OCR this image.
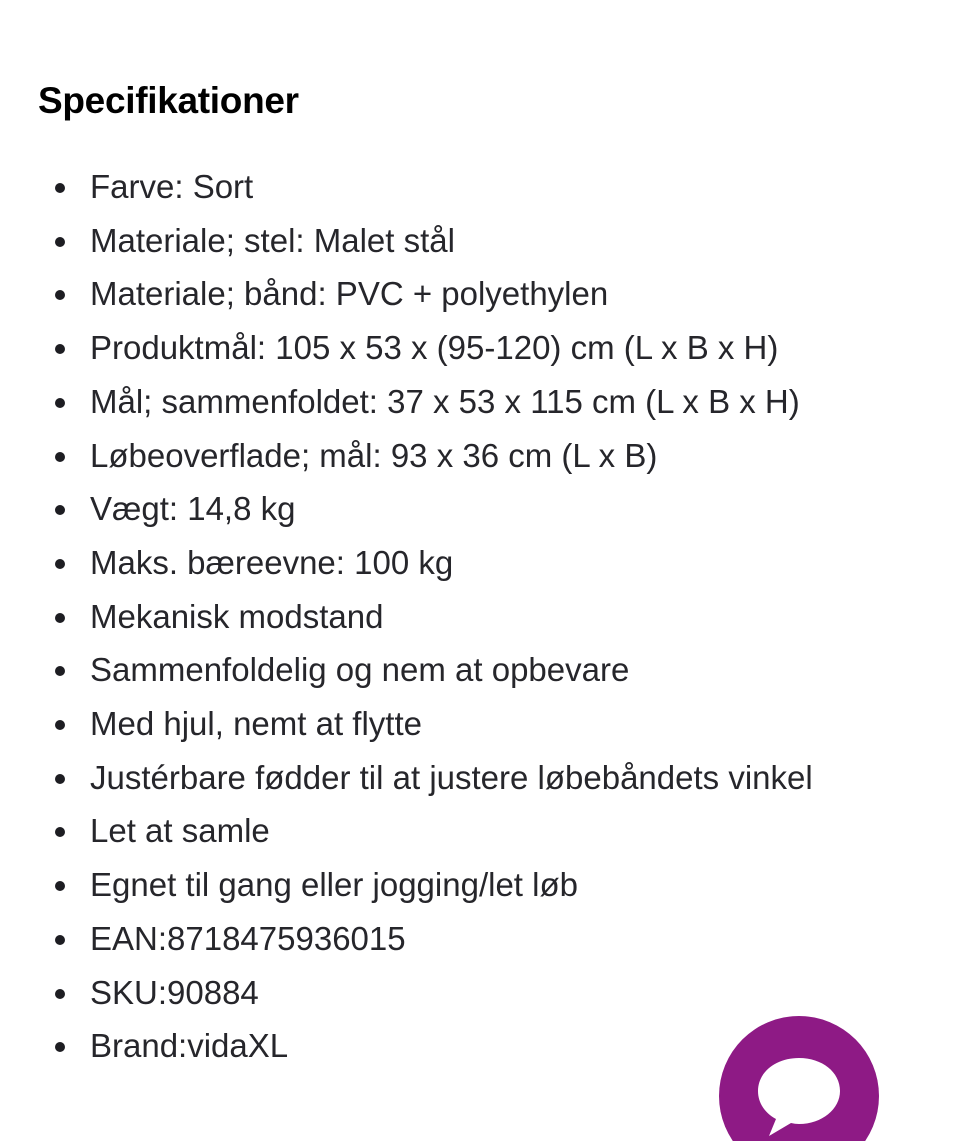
Specifikationer
Farve: Sort
Materiale; stel: Malet stål
Materiale; bånd: PVC + polyethylen
Produktmål: 105 x 53 x (95-120) cm (L x B x H)
Mål; sammenfoldet: 37 x 53 x 115 cm (L x B x H)
Løbeoverflade; mål: 93 x 36 cm (L x B)
Vægt: 14,8 kg
Maks. bæreevne: 100 kg
Mekanisk modstand
Sammenfoldelig og nem at opbevare
Med hjul, nemt at flytte
Justérbare fødder til at justere løbebåndets vinkel
Let at samle
Egnet til gang eller jogging/let løb
EAN:8718475936015
SKU:90884
Brand:vidaXL
